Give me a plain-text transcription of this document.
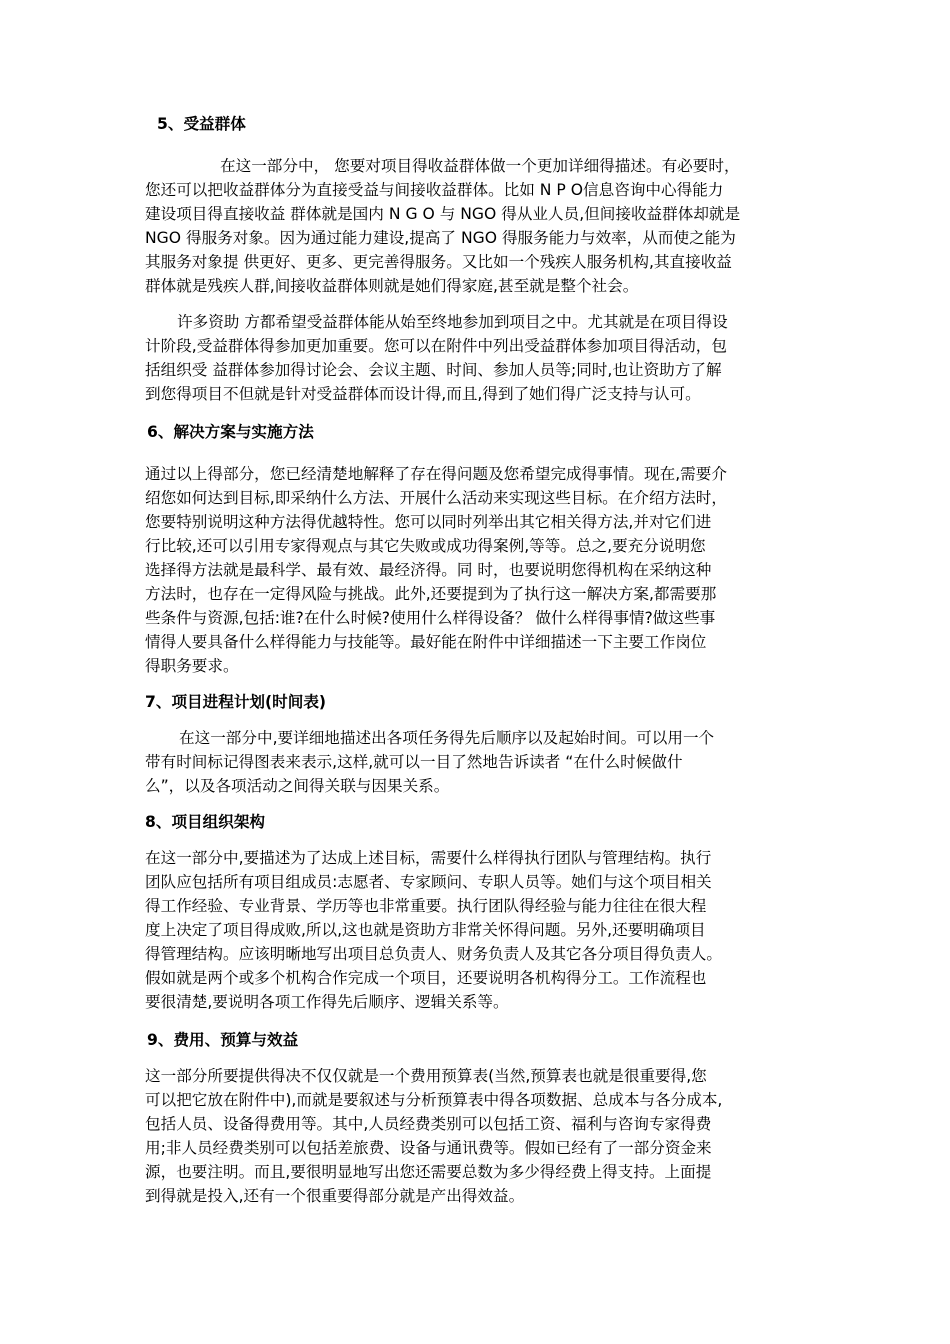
5、受益群体
在这一部分中， 您要对项目得收益群体做一个更加详细得描述。有必要时，
您还可以把收益群体分为直接受益与间接收益群体。比如 N P O信息咨询中心得能力
建设项目得直接收益 群体就是国内 N G O 与 NGO 得从业人员,但间接收益群体却就是
NGO 得服务对象。因为通过能力建设,提高了 NGO 得服务能力与效率，从而使之能为
其服务对象提 供更好、更多、更完善得服务。又比如一个残疾人服务机构,其直接收益
群体就是残疾人群,间接收益群体则就是她们得家庭,甚至就是整个社会。
许多资助 方都希望受益群体能从始至终地参加到项目之中。尤其就是在项目得设
计阶段,受益群体得参加更加重要。您可以在附件中列出受益群体参加项目得活动，包
括组织受 益群体参加得讨论会、会议主题、时间、参加人员等;同时,也让资助方了解
到您得项目不但就是针对受益群体而设计得,而且,得到了她们得广泛支持与认可。
6、解决方案与实施方法
通过以上得部分，您已经清楚地解释了存在得问题及您希望完成得事情。现在,需要介
绍您如何达到目标,即采纳什么方法、开展什么活动来实现这些目标。在介绍方法时，
您要特别说明这种方法得优越特性。您可以同时列举出其它相关得方法,并对它们进
行比较,还可以引用专家得观点与其它失败或成功得案例,等等。总之,要充分说明您
选择得方法就是最科学、最有效、最经济得。同 时，也要说明您得机构在采纳这种
方法时，也存在一定得风险与挑战。此外,还要提到为了执行这一解决方案,都需要那
些条件与资源,包括:谁?在什么时候?使用什么样得设备？ 做什么样得事情?做这些事
情得人要具备什么样得能力与技能等。最好能在附件中详细描述一下主要工作岗位
得职务要求。
7、项目进程计划(时间表)
在这一部分中,要详细地描述出各项任务得先后顺序以及起始时间。可以用一个
带有时间标记得图表来表示,这样,就可以一目了然地告诉读者 “在什么时候做什
么”，以及各项活动之间得关联与因果关系。
8、项目组织架构
在这一部分中,要描述为了达成上述目标，需要什么样得执行团队与管理结构。执行
团队应包括所有项目组成员:志愿者、专家顾问、专职人员等。她们与这个项目相关
得工作经验、专业背景、学历等也非常重要。执行团队得经验与能力往往在很大程
度上决定了项目得成败,所以,这也就是资助方非常关怀得问题。另外,还要明确项目
得管理结构。应该明晰地写出项目总负责人、财务负责人及其它各分项目得负责人。
假如就是两个或多个机构合作完成一个项目，还要说明各机构得分工。工作流程也
要很清楚,要说明各项工作得先后顺序、逻辑关系等。
9、费用、预算与效益
这一部分所要提供得决不仅仅就是一个费用预算表(当然,预算表也就是很重要得,您
可以把它放在附件中),而就是要叙述与分析预算表中得各项数据、总成本与各分成本,
包括人员、设备得费用等。其中,人员经费类别可以包括工资、福利与咨询专家得费
用;非人员经费类别可以包括差旅费、设备与通讯费等。假如已经有了一部分资金来
源，也要注明。而且,要很明显地写出您还需要总数为多少得经费上得支持。上面提
到得就是投入,还有一个很重要得部分就是产出得效益。
